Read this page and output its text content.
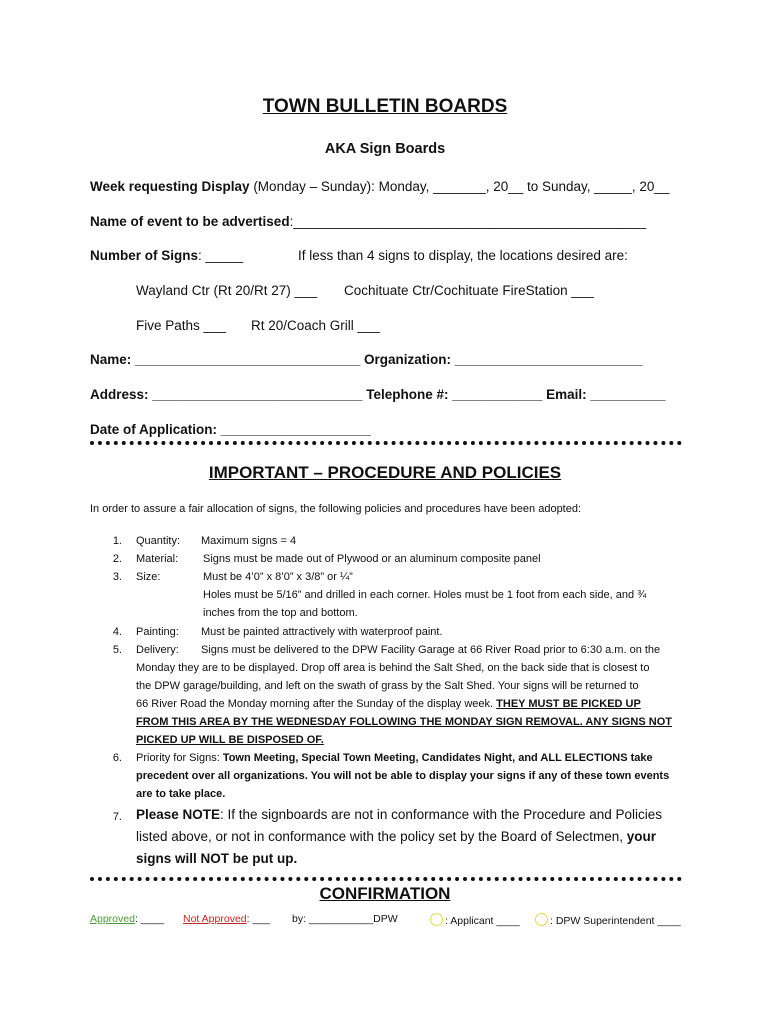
TOWN BULLETIN BOARDS
AKA Sign Boards
Week requesting Display (Monday – Sunday): Monday, _______, 20__ to Sunday, _____, 20__
Name of event to be advertised:_______________________________________________
Number of Signs: _____	If less than 4 signs to display, the locations desired are:
Wayland Ctr (Rt 20/Rt 27) ___ Cochituate Ctr/Cochituate FireStation ___
Five Paths ___ Rt 20/Coach Grill ___
Name: ______________________________ Organization: _________________________
Address: ____________________________ Telephone #: ____________ Email: __________
Date of Application: ____________________
IMPORTANT – PROCEDURE AND POLICIES
In order to assure a fair allocation of signs, the following policies and procedures have been adopted:
1. Quantity: Maximum signs = 4
2. Material: Signs must be made out of Plywood or an aluminum composite panel
3. Size:	Must be 4’0” x 8’0” x 3/8” or ¼”
Holes must be 5/16” and drilled in each corner. Holes must be 1 foot from each side, and ¾
inches from the top and bottom.
4. Painting: Must be painted attractively with waterproof paint.
5. Delivery: Signs must be delivered to the DPW Facility Garage at 66 River Road prior to 6:30 a.m. on the
Monday they are to be displayed. Drop off area is behind the Salt Shed, on the back side that is closest to
the DPW garage/building, and left on the swath of grass by the Salt Shed. Your signs will be returned to
66 River Road the Monday morning after the Sunday of the display week. THEY MUST BE PICKED UP
FROM THIS AREA BY THE WEDNESDAY FOLLOWING THE MONDAY SIGN REMOVAL. ANY SIGNS NOT
PICKED UP WILL BE DISPOSED OF.
6. Priority for Signs: Town Meeting, Special Town Meeting, Candidates Night, and ALL ELECTIONS take
precedent over all organizations. You will not be able to display your signs if any of these town events
are to take place.
7. Please NOTE: If the signboards are not in conformance with the Procedure and Policies
listed above, or not in conformance with the policy set by the Board of Selectmen, your
signs will NOT be put up.
CONFIRMATION
Approved: ____ Not Approved: ___ by: ___________DPW	: Applicant ____	: DPW Superintendent ____
